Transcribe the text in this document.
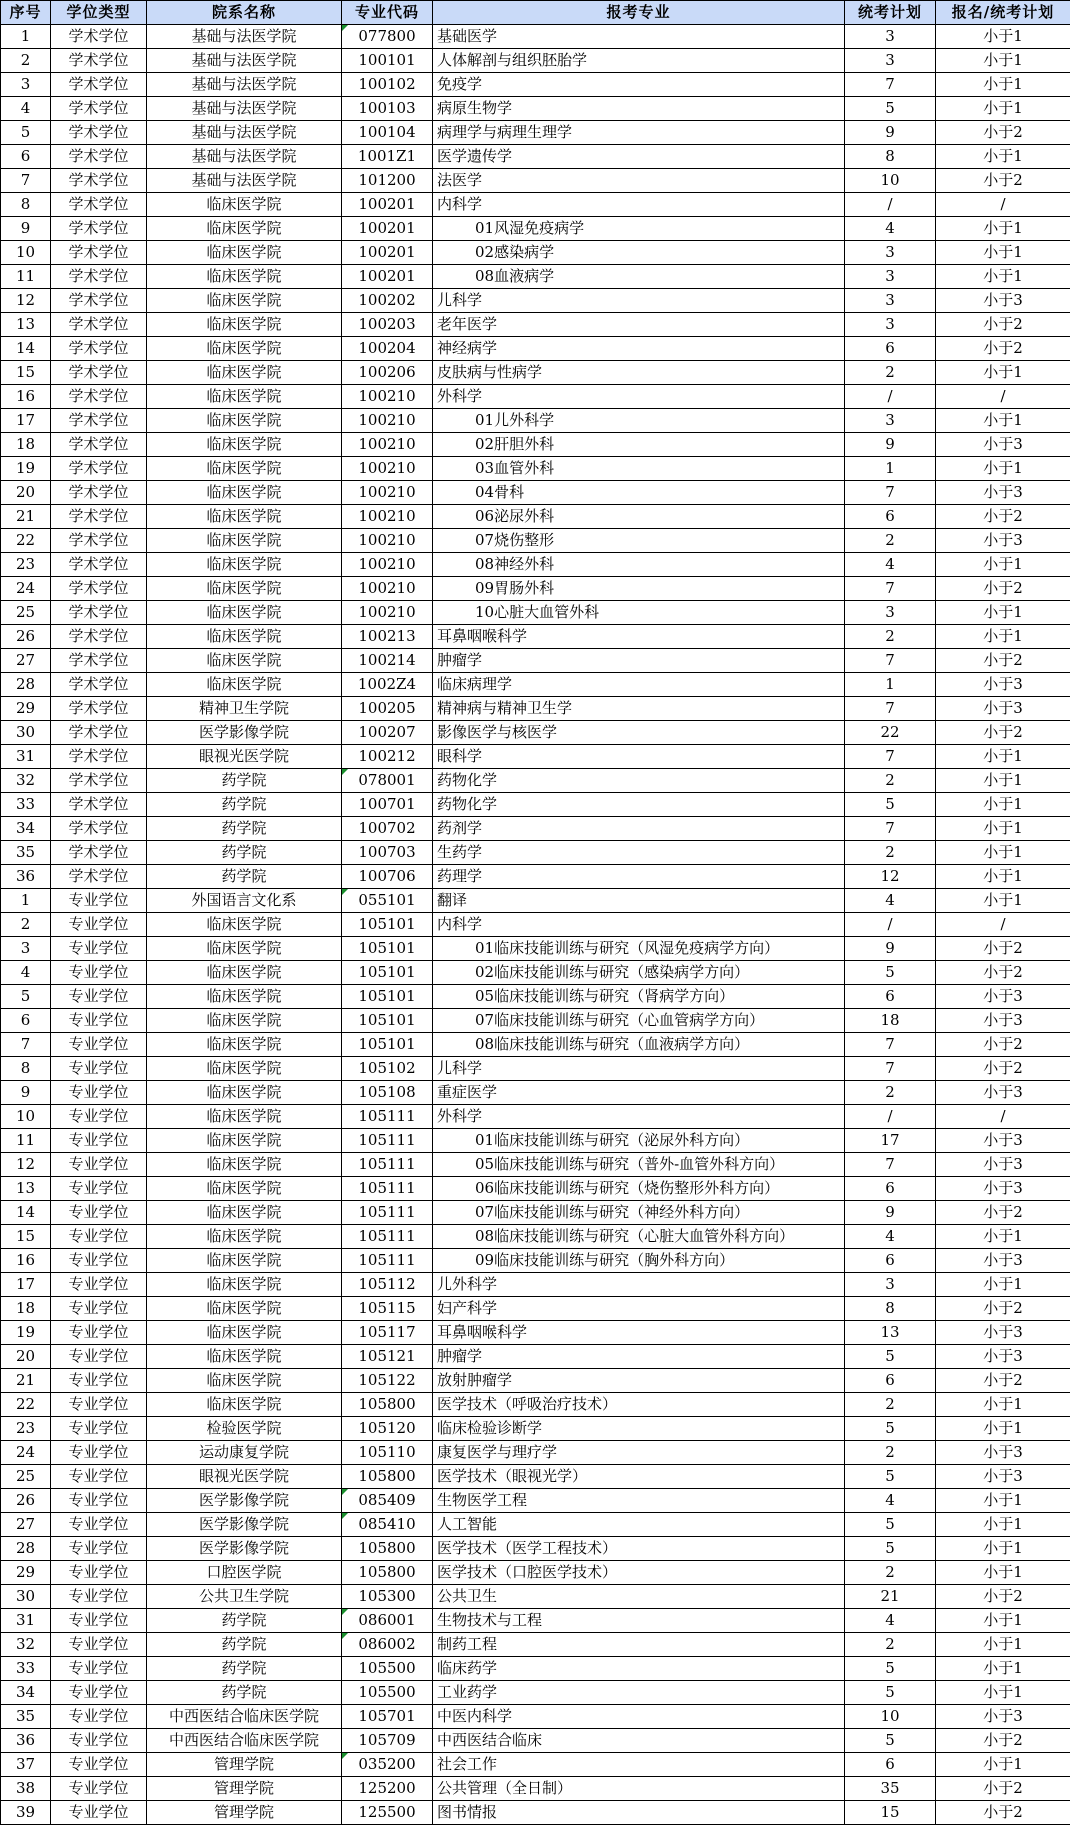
序号	学位类型	院系名称	专业代码	报考专业	统考计划	报名/统考计划
1	学术学位	基础与法医学院	077800	基础医学	3	小于1
2	学术学位	基础与法医学院	100101	人体解剖与组织胚胎学	3	小于1
3	学术学位	基础与法医学院	100102	免疫学	7	小于1
4	学术学位	基础与法医学院	100103	病原生物学	5	小于1
5	学术学位	基础与法医学院	100104	病理学与病理生理学	9	小于2
6	学术学位	基础与法医学院	1001Z1	医学遗传学	8	小于1
7	学术学位	基础与法医学院	101200	法医学	10	小于2
8	学术学位	临床医学院	100201	内科学	/	/
9	学术学位	临床医学院	100201	01风湿免疫病学	4	小于1
10	学术学位	临床医学院	100201	02感染病学	3	小于1
11	学术学位	临床医学院	100201	08血液病学	3	小于1
12	学术学位	临床医学院	100202	儿科学	3	小于3
13	学术学位	临床医学院	100203	老年医学	3	小于2
14	学术学位	临床医学院	100204	神经病学	6	小于2
15	学术学位	临床医学院	100206	皮肤病与性病学	2	小于1
16	学术学位	临床医学院	100210	外科学	/	/
17	学术学位	临床医学院	100210	01儿外科学	3	小于1
18	学术学位	临床医学院	100210	02肝胆外科	9	小于3
19	学术学位	临床医学院	100210	03血管外科	1	小于1
20	学术学位	临床医学院	100210	04骨科	7	小于3
21	学术学位	临床医学院	100210	06泌尿外科	6	小于2
22	学术学位	临床医学院	100210	07烧伤整形	2	小于3
23	学术学位	临床医学院	100210	08神经外科	4	小于1
24	学术学位	临床医学院	100210	09胃肠外科	7	小于2
25	学术学位	临床医学院	100210	10心脏大血管外科	3	小于1
26	学术学位	临床医学院	100213	耳鼻咽喉科学	2	小于1
27	学术学位	临床医学院	100214	肿瘤学	7	小于2
28	学术学位	临床医学院	1002Z4	临床病理学	1	小于3
29	学术学位	精神卫生学院	100205	精神病与精神卫生学	7	小于3
30	学术学位	医学影像学院	100207	影像医学与核医学	22	小于2
31	学术学位	眼视光医学院	100212	眼科学	7	小于1
32	学术学位	药学院	078001	药物化学	2	小于1
33	学术学位	药学院	100701	药物化学	5	小于1
34	学术学位	药学院	100702	药剂学	7	小于1
35	学术学位	药学院	100703	生药学	2	小于1
36	学术学位	药学院	100706	药理学	12	小于1
1	专业学位	外国语言文化系	055101	翻译	4	小于1
2	专业学位	临床医学院	105101	内科学	/	/
3	专业学位	临床医学院	105101	01临床技能训练与研究（风湿免疫病学方向）	9	小于2
4	专业学位	临床医学院	105101	02临床技能训练与研究（感染病学方向）	5	小于2
5	专业学位	临床医学院	105101	05临床技能训练与研究（肾病学方向）	6	小于3
6	专业学位	临床医学院	105101	07临床技能训练与研究（心血管病学方向）	18	小于3
7	专业学位	临床医学院	105101	08临床技能训练与研究（血液病学方向）	7	小于2
8	专业学位	临床医学院	105102	儿科学	7	小于2
9	专业学位	临床医学院	105108	重症医学	2	小于3
10	专业学位	临床医学院	105111	外科学	/	/
11	专业学位	临床医学院	105111	01临床技能训练与研究（泌尿外科方向）	17	小于3
12	专业学位	临床医学院	105111	05临床技能训练与研究（普外-血管外科方向）	7	小于3
13	专业学位	临床医学院	105111	06临床技能训练与研究（烧伤整形外科方向）	6	小于3
14	专业学位	临床医学院	105111	07临床技能训练与研究（神经外科方向）	9	小于2
15	专业学位	临床医学院	105111	08临床技能训练与研究（心脏大血管外科方向）	4	小于1
16	专业学位	临床医学院	105111	09临床技能训练与研究（胸外科方向）	6	小于3
17	专业学位	临床医学院	105112	儿外科学	3	小于1
18	专业学位	临床医学院	105115	妇产科学	8	小于2
19	专业学位	临床医学院	105117	耳鼻咽喉科学	13	小于3
20	专业学位	临床医学院	105121	肿瘤学	5	小于3
21	专业学位	临床医学院	105122	放射肿瘤学	6	小于2
22	专业学位	临床医学院	105800	医学技术（呼吸治疗技术）	2	小于1
23	专业学位	检验医学院	105120	临床检验诊断学	5	小于1
24	专业学位	运动康复学院	105110	康复医学与理疗学	2	小于3
25	专业学位	眼视光医学院	105800	医学技术（眼视光学）	5	小于3
26	专业学位	医学影像学院	085409	生物医学工程	4	小于1
27	专业学位	医学影像学院	085410	人工智能	5	小于1
28	专业学位	医学影像学院	105800	医学技术（医学工程技术）	5	小于1
29	专业学位	口腔医学院	105800	医学技术（口腔医学技术）	2	小于1
30	专业学位	公共卫生学院	105300	公共卫生	21	小于2
31	专业学位	药学院	086001	生物技术与工程	4	小于1
32	专业学位	药学院	086002	制药工程	2	小于1
33	专业学位	药学院	105500	临床药学	5	小于1
34	专业学位	药学院	105500	工业药学	5	小于1
35	专业学位	中西医结合临床医学院	105701	中医内科学	10	小于3
36	专业学位	中西医结合临床医学院	105709	中西医结合临床	5	小于2
37	专业学位	管理学院	035200	社会工作	6	小于1
38	专业学位	管理学院	125200	公共管理（全日制）	35	小于2
39	专业学位	管理学院	125500	图书情报	15	小于2
